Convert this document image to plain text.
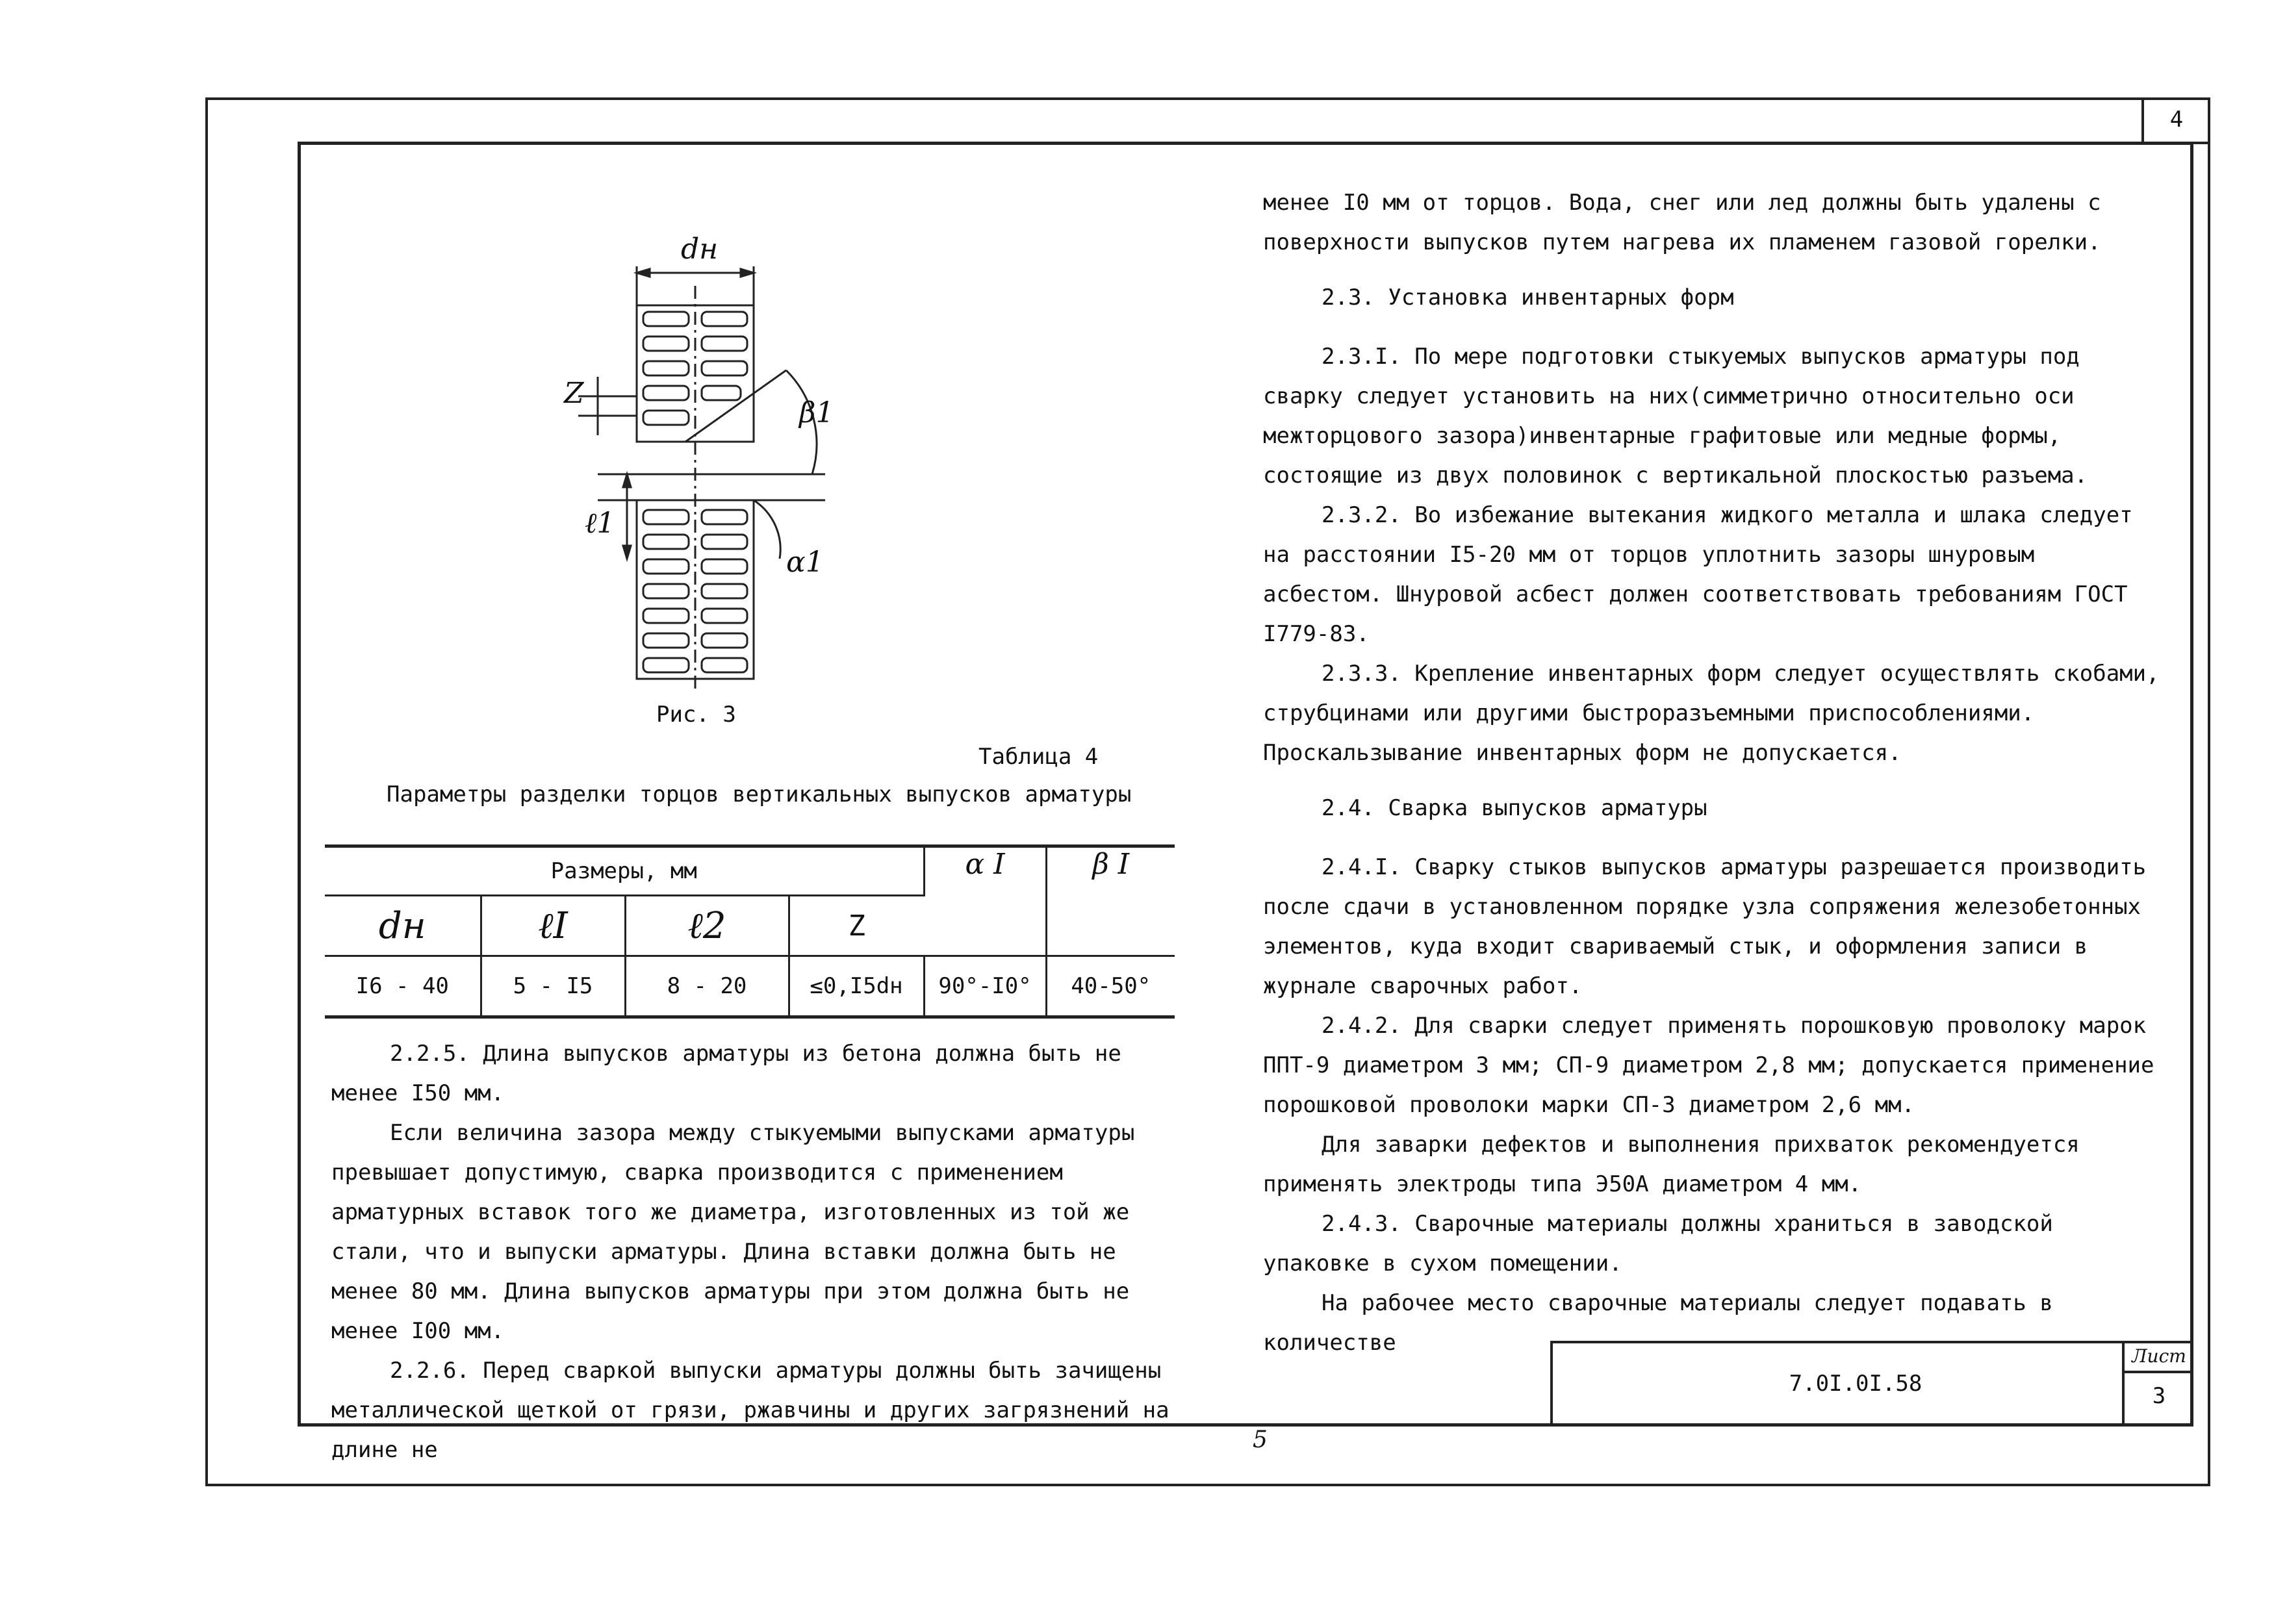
4
dн
Z
β1
ℓ1
α1
Рис. 3
Таблица 4
Параметры разделки торцов вертикальных выпусков арматуры
Размеры, мм				α I	β I
dн	ℓI	ℓ2	Z		
I6 - 40	5 - I5	8 - 20	≤0,I5dн	90°-I0°	40-50°

2.2.5. Длина выпусков арматуры из бетона должна быть не менее I50 мм.

Если величина зазора между стыкуемыми выпусками арматуры превышает допустимую, сварка производится с применением арматурных вставок того же диаметра, изготовленных из той же стали, что и выпуски арматуры. Длина вставки должна быть не менее 80 мм. Длина выпусков арматуры при этом должна быть не менее I00 мм.

2.2.6. Перед сваркой выпуски арматуры должны быть зачищены металлической щеткой от грязи, ржавчины и других загрязнений на длине не

менее I0 мм от торцов. Вода, снег или лед должны быть удалены с поверхности выпусков путем нагрева их пламенем газовой горелки.

2.3. Установка инвентарных форм

2.3.I. По мере подготовки стыкуемых выпусков арматуры под сварку следует установить на них(симметрично относительно оси межторцового зазора)инвентарные графитовые или медные формы, состоящие из двух половинок с вертикальной плоскостью разъема.

2.3.2. Во избежание вытекания жидкого металла и шлака следует на расстоянии I5-20 мм от торцов уплотнить зазоры шнуровым асбестом. Шнуровой асбест должен соответствовать требованиям ГОСТ I779-83.

2.3.3. Крепление инвентарных форм следует осуществлять скобами, струбцинами или другими быстроразъемными приспособлениями. Проскальзывание инвентарных форм не допускается.

2.4. Сварка выпусков арматуры

2.4.I. Сварку стыков выпусков арматуры разрешается производить после сдачи в установленном порядке узла сопряжения железобетонных элементов, куда входит свариваемый стык, и оформления записи в журнале сварочных работ.

2.4.2. Для сварки следует применять порошковую проволоку марок ППТ-9 диаметром 3 мм; СП-9 диаметром 2,8 мм; допускается применение порошковой проволоки марки СП-3 диаметром 2,6 мм.

Для заварки дефектов и выполнения прихваток рекомендуется применять электроды типа Э50А диаметром 4 мм.

2.4.3. Сварочные материалы должны храниться в заводской упаковке в сухом помещении.

На рабочее место сварочные материалы следует подавать в количестве

7.0I.0I.58
Лист
3
5
